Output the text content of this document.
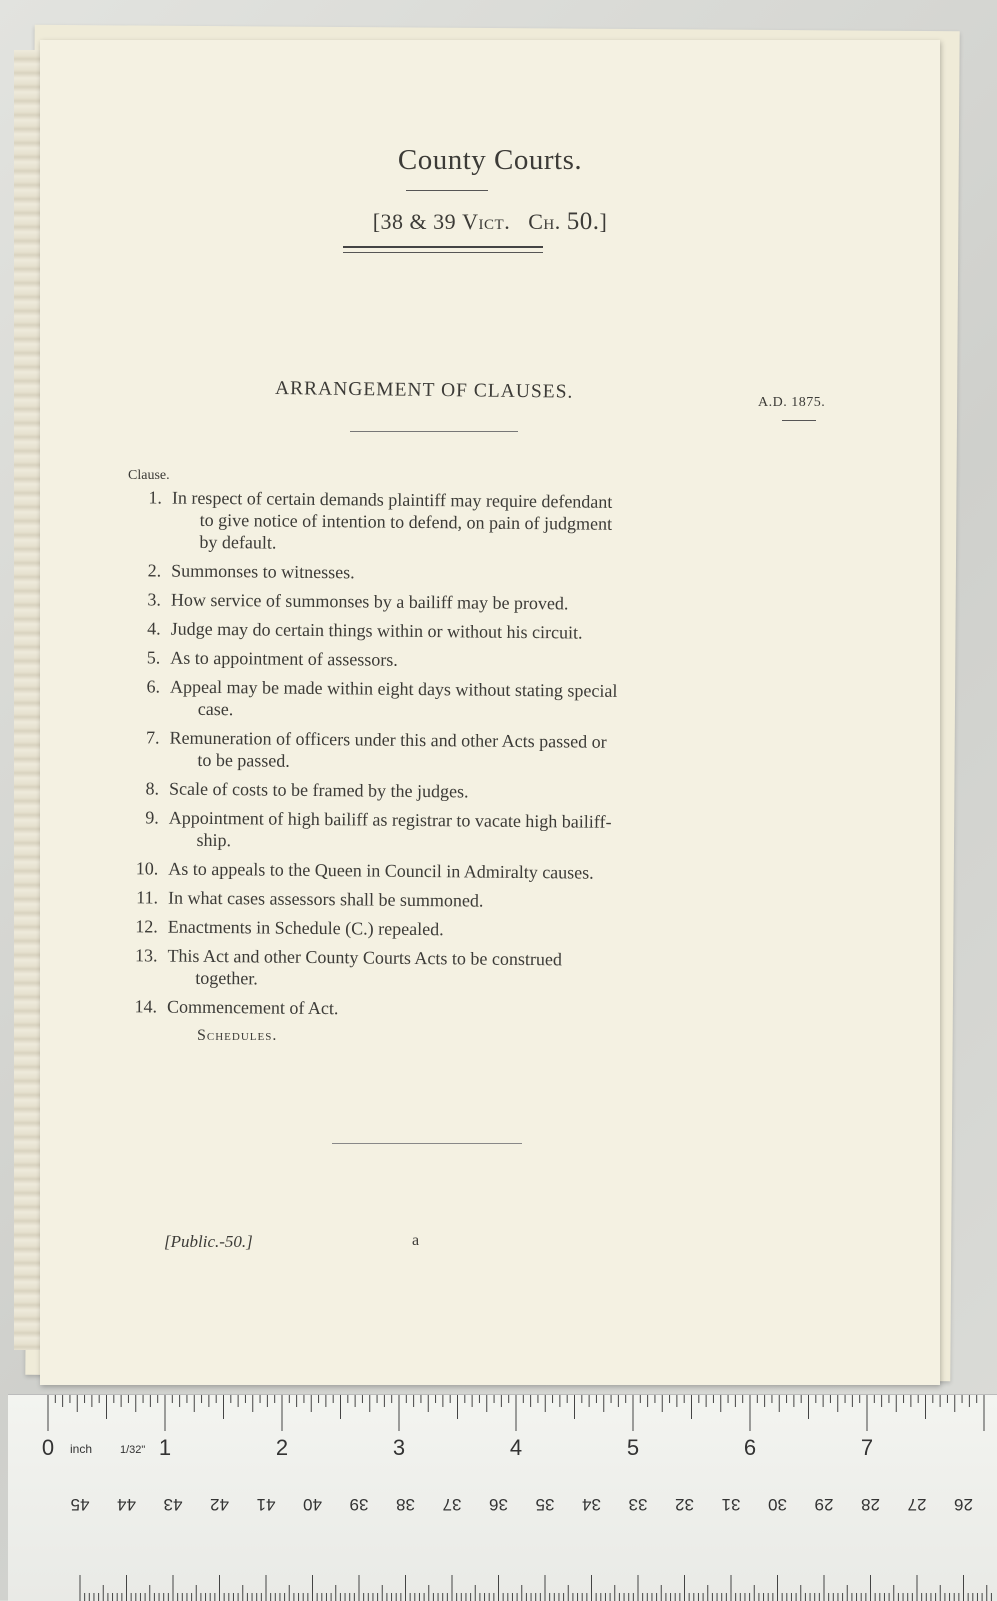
County Courts.
[38 & 39 Vict. Ch. 50.]
ARRANGEMENT OF CLAUSES.	A.D. 1875.
Clause.
1. In respect of certain demands plaintiff may require defendant
to give notice of intention to defend, on pain of judgment
by default.
2. Summonses to witnesses.
3. How service of summonses by a bailiff may be proved.
4. Judge may do certain things within or without his circuit.
5. As to appointment of assessors.
6. Appeal may be made within eight days without stating special
case.
7. Remuneration of officers under this and other Acts passed or
to be passed.
8. Scale of costs to be framed by the judges.
9. Appointment of high bailiff as registrar to vacate high bailiff-
ship.
10. As to appeals to the Queen in Council in Admiralty causes.
11. In what cases assessors shall be summoned.
12. Enactments in Schedule (C.) repealed.
13. This Act and other County Courts Acts to be construed
together.
14. Commencement of Act.
Schedules.
[Public.-50.]	a
0	1	2	3	4	5	6	7
inch	1/32"
45 44 43 42 41 40 39 38 37 36 35 34 33 32 31 30 29 28 27 26
